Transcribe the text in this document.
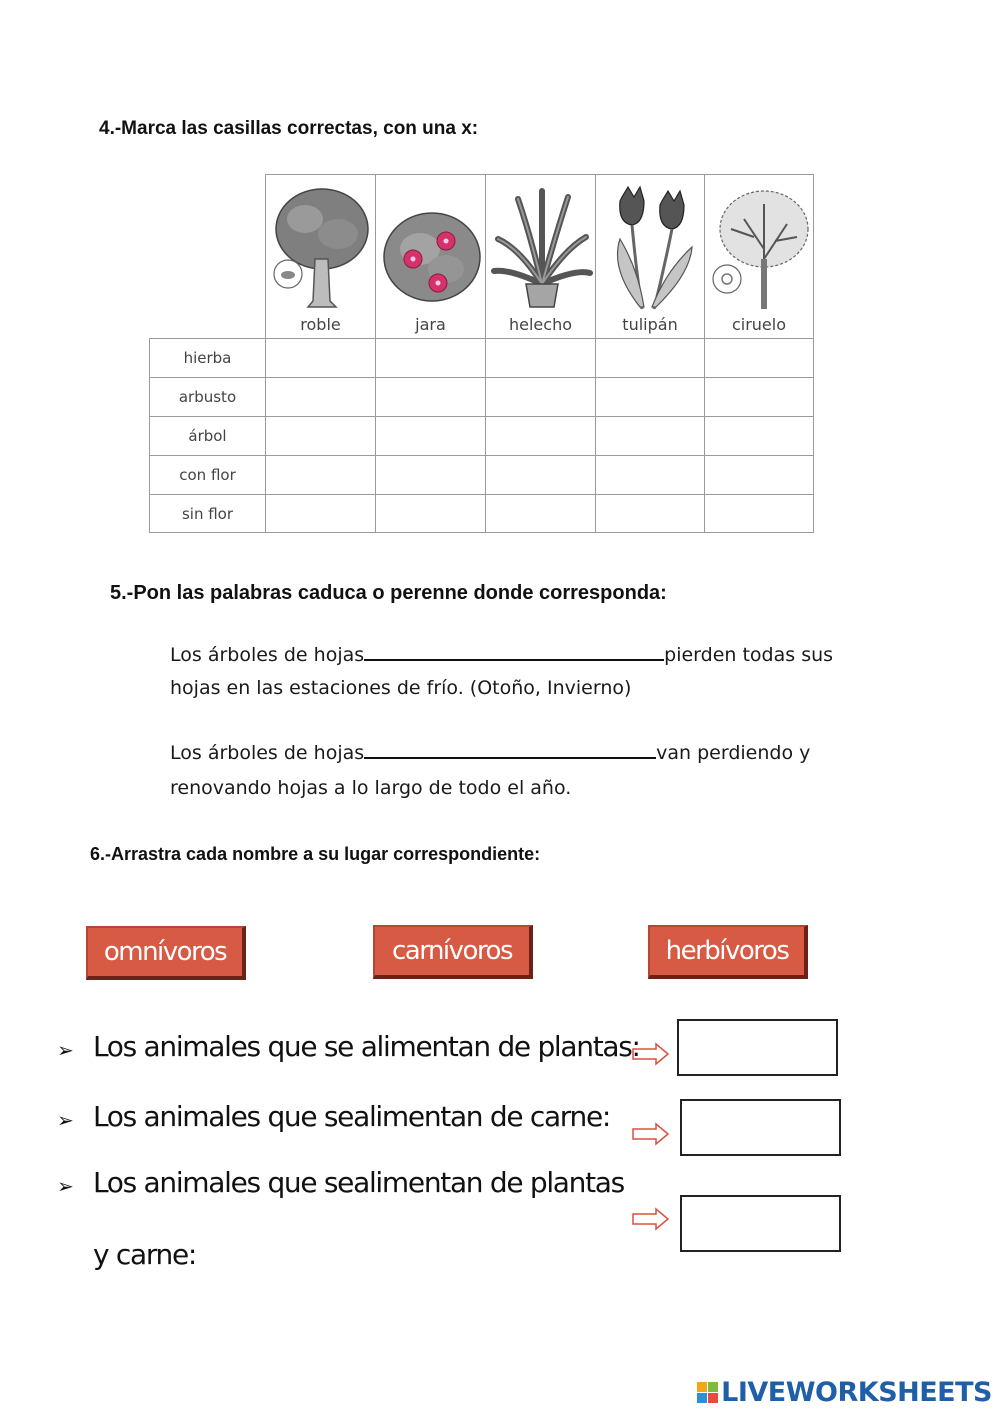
4.-Marca las casillas correctas, con una x:
roble	jara	helecho	tulipán	ciruelo
hierba
arbusto
árbol
con flor
sin flor
5.-Pon las palabras caduca o perenne donde corresponda:
Los árboles de hojas	pierden todas sus
hojas en las estaciones de frío. (Otoño, Invierno)
Los árboles de hojas	van perdiendo y
renovando hojas a lo largo de todo el año.
6.-Arrastra cada nombre a su lugar correspondiente:
omnívoros	carnívoros	herbívoros
➢ Los animales que se alimentan de plantas:
➢ Los animales que sealimentan de carne:
➢ Los animales que sealimentan de plantas
y carne:
LIVEWORKSHEETS
